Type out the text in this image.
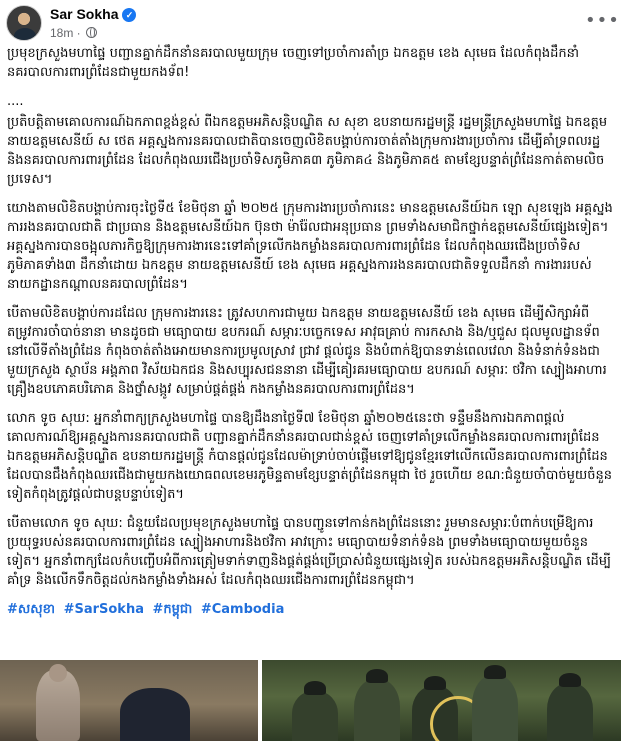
Sar Sokha ✓
18m ·
•••

ប្រមុខក្រសួងមហាផ្ទៃ បញ្ជានគ្នាក់ដឹកនាំនគរបាលមួយក្រុម ចេញទៅប្រចាំការតាំច្រ ឯកឧត្តម ខេង សុមេធ ដែលកំពុងដឹកនាំនគរបាលការពារព្រំដែនជាមួយកងទ័ព!

....

ប្រតិបត្តិតាមគោលការណ៍ឯកភាពខ្ពង់ខ្ពស់ ពីឯកឧត្តមអភិសន្តិបណ្ឌិត ស សុខា ឧបនាយករដ្ឋមន្ត្រី រដ្ឋមន្ត្រីក្រសួងមហាផ្ទៃ ឯកឧត្តម នាយឧត្តមសេនីយ៍ ស ថេត អគ្គស្នងការនគរបាលជាតិបានចេញលិខិតបង្គាប់ការចាត់តាំងក្រុមការងារប្រចាំការ ដើម្បីគាំទ្រពលរដ្ឋ និងនគរបាលការពារព្រំដែន ដែលកំពុងឈរជើងប្រចាំទិសភូមិភាគ៣ ភូមិភាគ៤ និងភូមិភាគ៥ តាមខ្សែបន្ទាត់ព្រំដែនកាត់តាមលិចប្រទេស។

យោងតាមលិខិតបង្គាប់ការចុះថ្ងៃទី៥ ខែមិថុនា ឆ្នាំ ២០២៥ ក្រុមការងារប្រចាំការនេះ មានឧត្តមសេនីយ៍ឯក ឡោ សុខឡេង អគ្គស្នងការរងនគរបាលជាតិ ជាប្រធាន និងឧត្តមសេនីយ៍ឯក ប៊ុនថា ម៉ារ៉ែលជាអនុប្រធាន ព្រមទាំងសមាជិកថ្នាក់ឧត្តមសេនីយ៍ផ្សេងទៀត។ អគ្គស្នងការបានចង្អុលភារកិច្ចឱ្យក្រុមការងារនេះទៅគាំទ្រលើកងកម្លាំងនគរបាលការពារព្រំដែន ដែលកំពុងឈរជើងប្រចាំទិសភូមិភាគទាំង៣ ដឹកនាំដោយ ឯកឧត្តម នាយឧត្តមសេនីយ៍ ខេង សុមេធ អគ្គស្នងការរងនគរបាលជាតិទទួលដឹកនាំ ការងាររបស់នាយកដ្ឋានកណ្តាលនគរបាលព្រំដែន។

បើតាមលិខិតបង្គាប់ការដដែល ក្រុមការងារនេះ ត្រូវសហការជាមួយ ឯកឧត្តម នាយឧត្តមសេនីយ៍ ខេង សុមេធ ដើម្បីសិក្សាអំពីតម្រូវការចាំបាច់នានា មានដូចជា មធ្យោបាយ ឧបករណ៍ សម្ភារៈបច្ចេកទេស អាវុធគ្រាប់ ការកសាង និង/ឬជួស ជុលមូលដ្ឋានទ័ព នៅលើទីតាំងព្រំដែន កំពុងចាត់តាំងអោយមានការប្រមូលស្រាវ ជ្រាវ ផ្តល់ជូន និងបំពាក់ឱ្យបានទាន់ពេលវេលា និងទំនាក់ទំនងជាមួយក្រសួង ស្ថាប័ន អង្គភាព វិស័យឯកជន និងសប្បុរសជននានា ដើម្បីគៀរគរមធ្យោបាយ ឧបករណ៍ សម្ភារៈ ថវិកា ស្បៀងអាហារ គ្រឿងឧបភោគបរិភោគ និងថ្នាំសង្កូវ សម្រាប់ផ្គត់ផ្គង់ កងកម្លាំងនគរបាលការពារព្រំដែន។

លោក ទូច សុឃ: អ្នកនាំពាក្យក្រសួងមហាផ្ទៃ បានឱ្យដឹងនាថ្ងៃទី៧ ខែមិថុនា ឆ្នាំ២០២៥នេះថា ទន្ទឹមនឹងការឯកភាពផ្តល់គោលការណ៍ឱ្យអគ្គស្នងការនគរបាលជាតិ បញ្ជានគ្នាក់ដឹកនាំនគរបាលជាន់ខ្ពស់ ចេញទៅគាំទ្រលើកម្លាំងនគរបាលការពារព្រំដែន ឯកឧត្តមអភិសន្តិបណ្ឌិត ឧបនាយករដ្ឋមន្ត្រី កំបានផ្តល់ជូនដែលម៉ាទ្រាប់ចាប់ផ្តើមទៅឱ្យជូនខ្មែរទៅលើកលើនគរបាលការពារព្រំដែន ដែលបានជឹងកំពុងឈរជើងជាមួយកងយោធពលខេមរភូមិន្ទតាមខ្សែបន្ទាត់ព្រំដែនកម្ពុជា ថៃ រួចហើយ ខណ:ជំនួយចាំបាច់មួយចំនួនទៀតកំពុងត្រូវផ្តល់ជាបន្តបន្ទាប់ទៀត។

បើតាមលោក ទូច សុឃ: ជំនួយដែលប្រមុខក្រសួងមហាផ្ទៃ បានបញ្ជូនទៅកាន់កងព្រំដែននោះ រួមមានសម្ភារៈបំពាក់បម្រើឱ្យការប្រយុទ្ធរបស់នគរបាលការពារព្រំដែន ស្បៀងអាហារនិងថវិកា អាវក្រោះ មធ្យោបាយទំនាក់ទំនង ព្រមទាំងមធ្យោបាយមួយចំនួនទៀត។ អ្នកនាំពាក្យដែលកំបញ្ចើបអំពីការត្រៀមទាក់ទាញនិងផ្គត់ផ្គង់ប្រើប្រាស់ជំនួយផ្សេងទៀត របស់ឯកឧត្តមអភិសន្តិបណ្ឌិត ដើម្បីគាំទ្រ និងលើកទឹកចិត្តដល់កងកម្លាំងទាំងអស់ ដែលកំពុងឈរជើងការពារព្រំដែនកម្ពុជា។

#សសុខា #SarSokha #កម្ពុជា #Cambodia
